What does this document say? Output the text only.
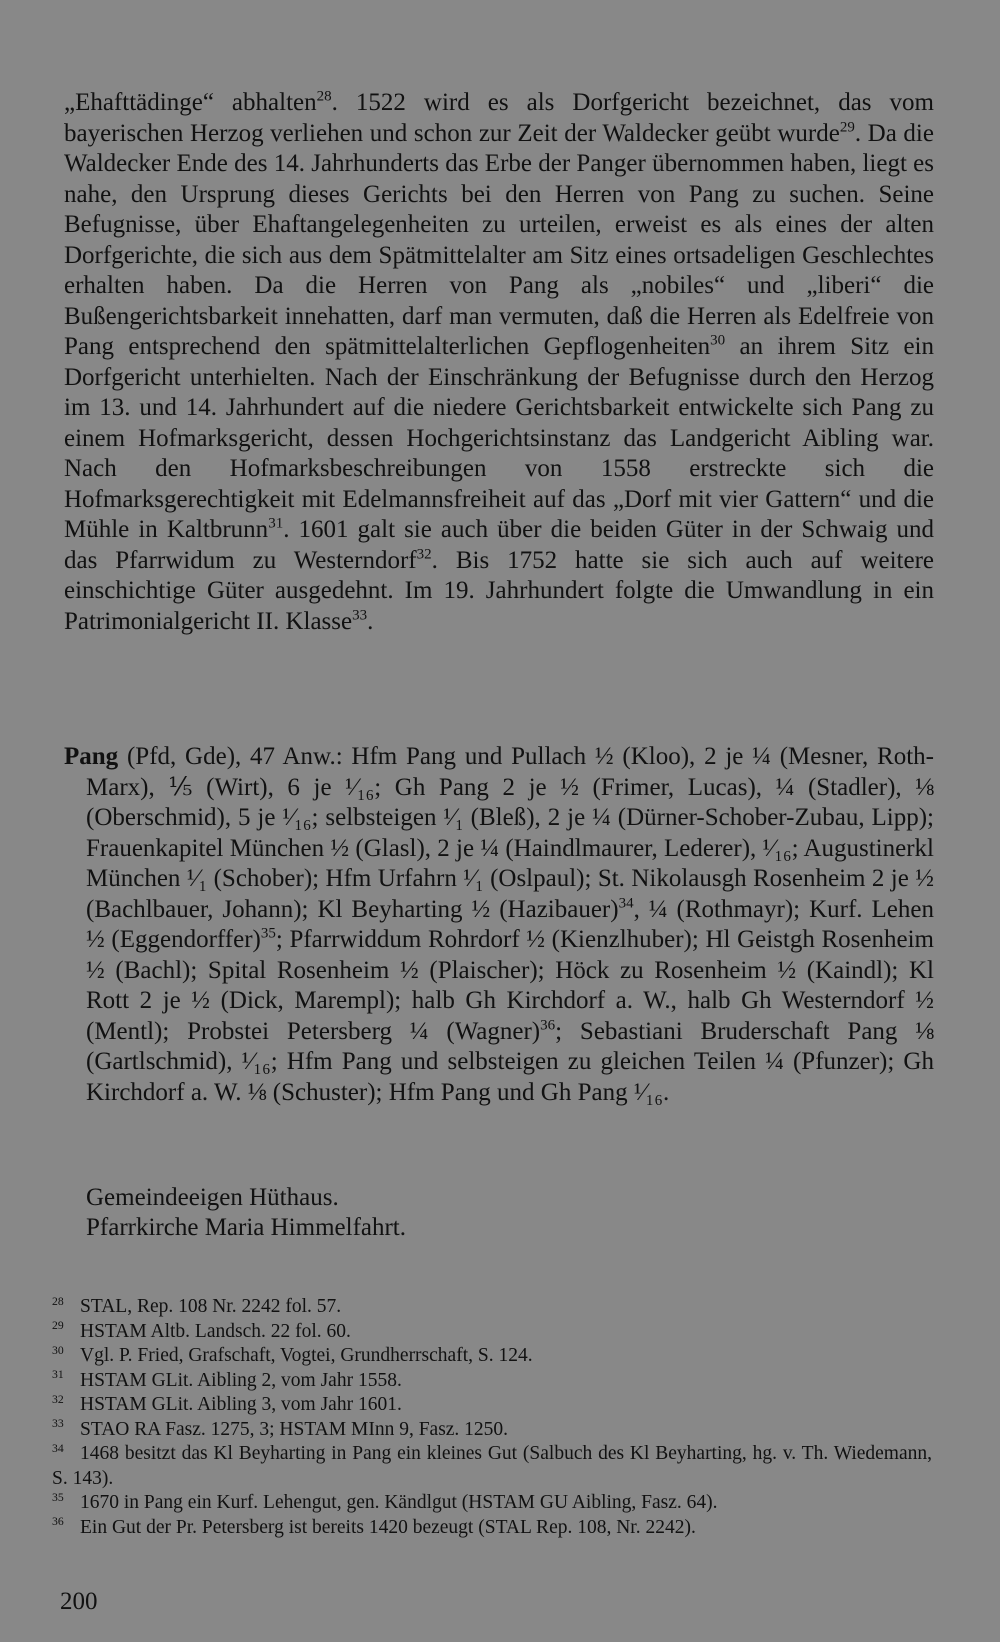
„Ehafttädinge“ abhalten$^{28}$. 1522 wird es als Dorfgericht bezeichnet, das vom bayerischen Herzog verliehen und schon zur Zeit der Waldecker geübt wurde$^{29}$. Da die Waldecker Ende des 14. Jahrhunderts das Erbe der Panger übernommen haben, liegt es nahe, den Ursprung dieses Gerichts bei den Herren von Pang zu suchen. Seine Befugnisse, über Ehaftangelegenheiten zu urteilen, erweist es als eines der alten Dorfgerichte, die sich aus dem Spätmittelalter am Sitz eines ortsadeligen Geschlechtes erhalten haben. Da die Herren von Pang als „nobiles“ und „liberi“ die Bußengerichtsbarkeit innehatten, darf man vermuten, daß die Herren als Edelfreie von Pang entsprechend den spätmittelalterlichen Gepflogenheiten$^{30}$ an ihrem Sitz ein Dorfgericht unterhielten. Nach der Einschränkung der Befugnisse durch den Herzog im 13. und 14. Jahrhundert auf die niedere Gerichtsbarkeit entwickelte sich Pang zu einem Hofmarksgericht, dessen Hochgerichtsinstanz das Landgericht Aibling war. Nach den Hofmarksbeschreibungen von 1558 erstreckte sich die Hofmarksgerechtigkeit mit Edelmannsfreiheit auf das „Dorf mit vier Gattern“ und die Mühle in Kaltbrunn$^{31}$. 1601 galt sie auch über die beiden Güter in der Schwaig und das Pfarrwidum zu Westerndorf$^{32}$. Bis 1752 hatte sie sich auch auf weitere einschichtige Güter ausgedehnt. Im 19. Jahrhundert folgte die Umwandlung in ein Patrimonialgericht II. Klasse$^{33}$.

Pang (Pfd, Gde), 47 Anw.: Hfm Pang und Pullach ½ (Kloo), 2 je ¼ (Mesner, Roth-Marx), ⅕ (Wirt), 6 je ¹⁄₁₆; Gh Pang 2 je ½ (Frimer, Lucas), ¼ (Stadler), ⅛ (Oberschmid), 5 je ¹⁄₁₆; selbsteigen ¹⁄₁ (Bleß), 2 je ¼ (Dürner-Schober-Zubau, Lipp); Frauenkapitel München ½ (Glasl), 2 je ¼ (Haindlmaurer, Lederer), ¹⁄₁₆; Augustinerkl München ¹⁄₁ (Schober); Hfm Urfahrn ¹⁄₁ (Oslpaul); St. Nikolausgh Rosenheim 2 je ½ (Bachlbauer, Johann); Kl Beyharting ½ (Hazibauer)$^{34}$, ¼ (Rothmayr); Kurf. Lehen ½ (Eggendorffer)$^{35}$; Pfarrwiddum Rohrdorf ½ (Kienzlhuber); Hl Geistgh Rosenheim ½ (Bachl); Spital Rosenheim ½ (Plaischer); Höck zu Rosenheim ½ (Kaindl); Kl Rott 2 je ½ (Dick, Marempl); halb Gh Kirchdorf a. W., halb Gh Westerndorf ½ (Mentl); Probstei Petersberg ¼ (Wagner)$^{36}$; Sebastiani Bruderschaft Pang ⅛ (Gartlschmid), ¹⁄₁₆; Hfm Pang und selbsteigen zu gleichen Teilen ¼ (Pfunzer); Gh Kirchdorf a. W. ⅛ (Schuster); Hfm Pang und Gh Pang ¹⁄₁₆.
Gemeindeeigen Hüthaus.
Pfarrkirche Maria Himmelfahrt.

$^{28}$ STAL, Rep. 108 Nr. 2242 fol. 57.

$^{29}$ HSTAM Altb. Landsch. 22 fol. 60.

$^{30}$ Vgl. P. Fried, Grafschaft, Vogtei, Grundherrschaft, S. 124.

$^{31}$ HSTAM GLit. Aibling 2, vom Jahr 1558.

$^{32}$ HSTAM GLit. Aibling 3, vom Jahr 1601.

$^{33}$ STAO RA Fasz. 1275, 3; HSTAM MInn 9, Fasz. 1250.

$^{34}$ 1468 besitzt das Kl Beyharting in Pang ein kleines Gut (Salbuch des Kl Beyharting, hg. v. Th. Wiedemann, S. 143).

$^{35}$ 1670 in Pang ein Kurf. Lehengut, gen. Kändlgut (HSTAM GU Aibling, Fasz. 64).

$^{36}$ Ein Gut der Pr. Petersberg ist bereits 1420 bezeugt (STAL Rep. 108, Nr. 2242).

200
